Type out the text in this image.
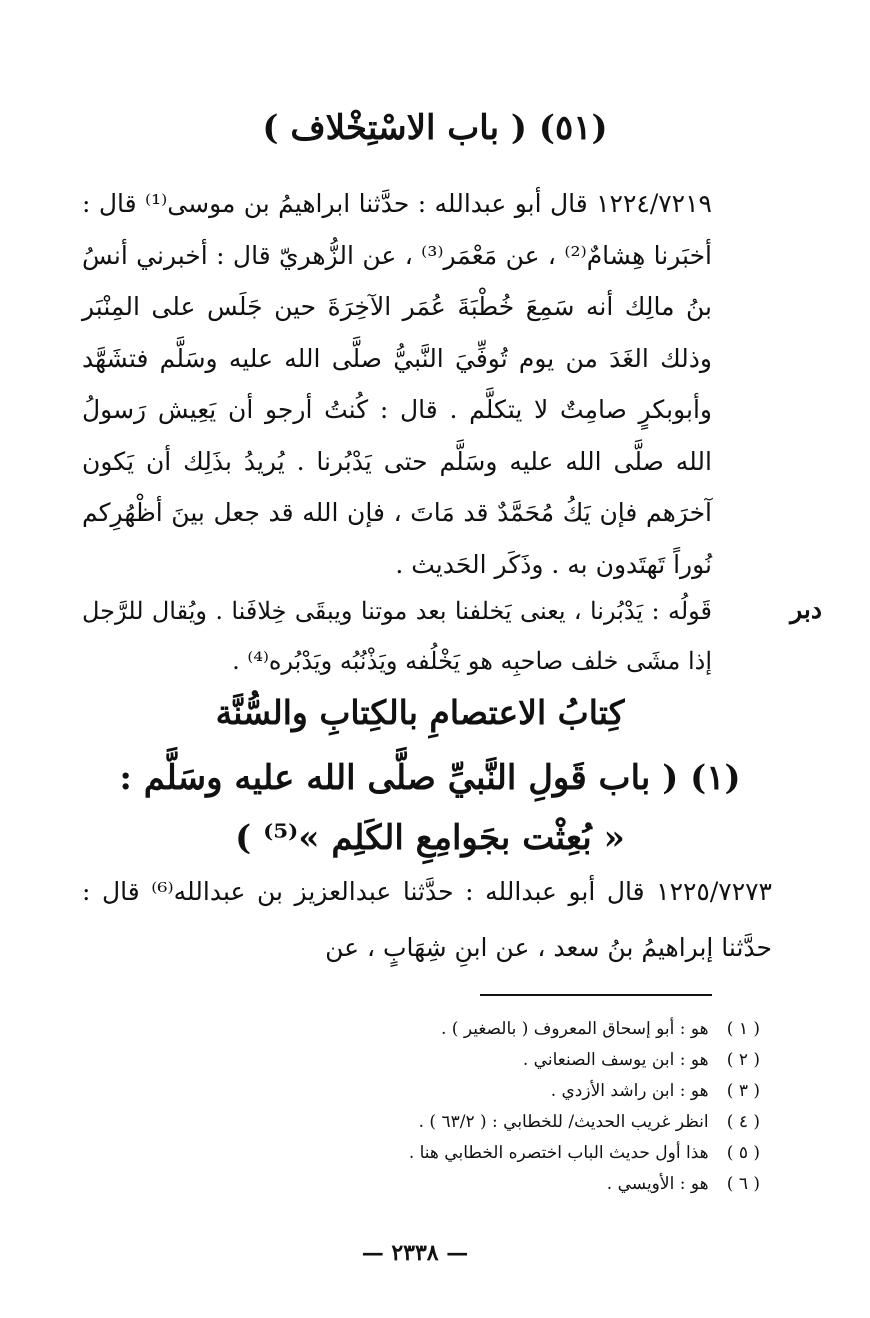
(٥١) ( باب الاسْتِخْلاف )

١٢٢٤/٧٢١٩ قال أبو عبدالله : حدَّثنا ابراهيمُ بن موسى⁽¹⁾ قال : أخبَرنا هِشامٌ⁽²⁾ ، عن مَعْمَر⁽³⁾ ، عن الزُّهريّ قال : أخبرني أنسُ بنُ مالِك أنه سَمِعَ خُطْبَةَ عُمَر الآخِرَةَ حين جَلَس على المِنْبَر وذلك الغَدَ من يوم تُوفِّيَ النَّبيُّ صلَّى الله عليه وسَلَّم فتشَهَّد وأبوبكرٍ صامِتٌ لا يتكلَّم . قال : كُنتُ أرجو أن يَعِيش رَسولُ الله صلَّى الله عليه وسَلَّم حتى يَدْبُرنا . يُريدُ بذَلِك أن يَكون آخرَهم فإن يَكُ مُحَمَّدٌ قد مَاتَ ، فإن الله قد جعل بينَ أظْهُرِكم نُوراً تَهتَدون به . وذَكَر الحَديث .

دبر

قَولُه : يَدْبُرنا ، يعنى يَخلفنا بعد موتنا ويبقَى خِلافَنا . ويُقال للرَّجل إذا مشَى خلف صاحبِه هو يَخْلُفه ويَذْنُبُه ويَدْبُره⁽⁴⁾ .

كِتابُ الاعتصامِ بالكِتابِ والسُّنَّة
(١) ( باب قَولِ النَّبيِّ صلَّى الله عليه وسَلَّم :
« بُعِثْت بجَوامِعِ الكَلِم »⁽⁵⁾ )

١٢٢٥/٧٢٧٣ قال أبو عبدالله : حدَّثنا عبدالعزيز بن عبدالله⁽⁶⁾ قال : حدَّثنا إبراهيمُ بنُ سعد ، عن ابنِ شِهَابٍ ، عن

( ١ ) هو : أبو إسحاق المعروف ( بالصغير ) .
( ٢ ) هو : ابن يوسف الصنعاني .
( ٣ ) هو : ابن راشد الأزدي .
( ٤ ) انظر غريب الحديث/ للخطابي : ( ٦٣/٢ ) .
( ٥ ) هذا أول حديث الباب اختصره الخطابي هنا .
( ٦ ) هو : الأويسي .
— ٢٣٣٨ —
